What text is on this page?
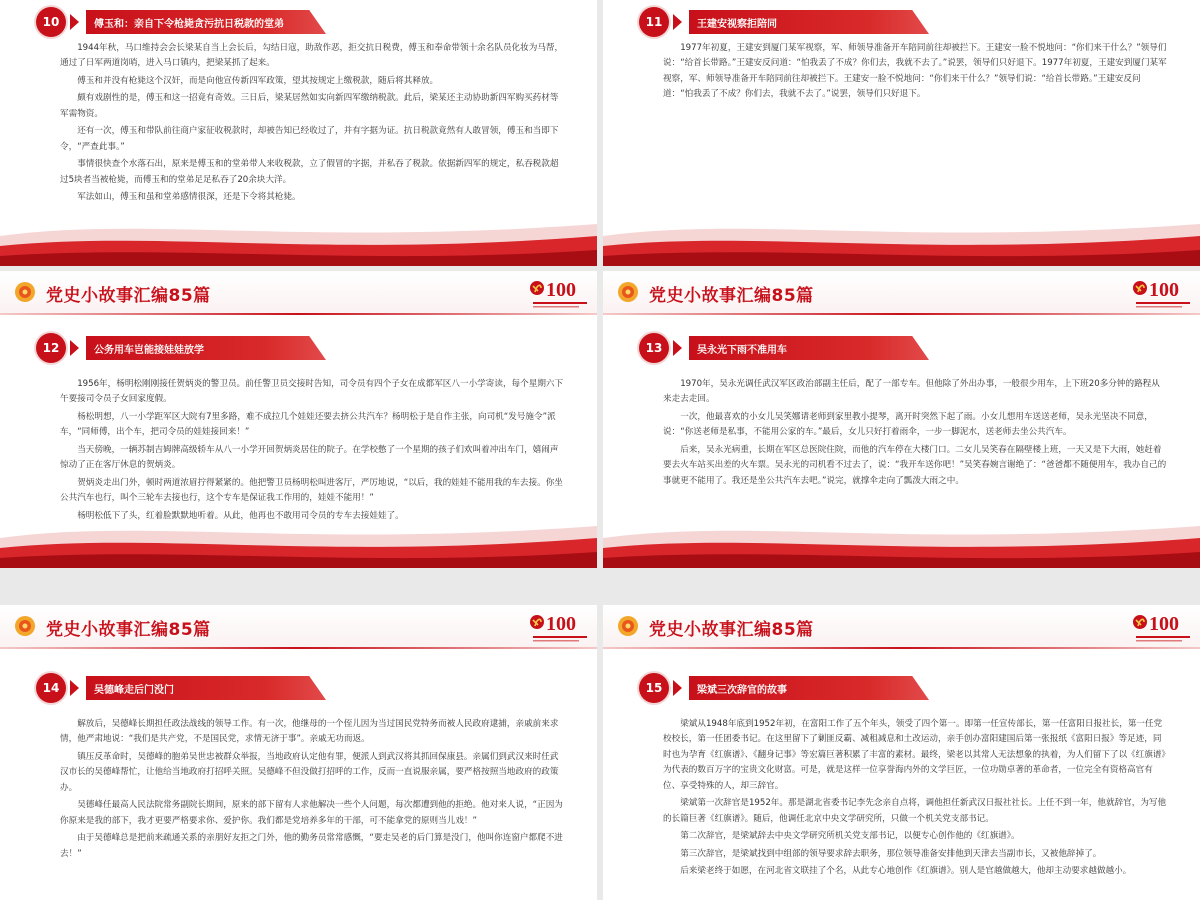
10	傅玉和：亲自下令枪毙贪污抗日税款的堂弟

1944年秋，马口维持会会长梁某自当上会长后，勾结日寇，助敌作恶，拒交抗日税费，傅玉和奉命带领十余名队员化妆为马帮，通过了日军两道岗哨，进入马口镇内，把梁某抓了起来。

傅玉和并没有枪毙这个汉奸，而是向他宣传新四军政策，望其按规定上缴税款，随后将其释放。

颇有戏剧性的是，傅玉和这一招竟有奇效。三日后，梁某居然如实向新四军缴纳税款。此后，梁某还主动协助新四军购买药材等军需物资。

还有一次，傅玉和带队前往商户家征收税款时，却被告知已经收过了，并有字据为证。抗日税款竟然有人敢冒领，傅玉和当即下令，“严查此事。”

事情很快查个水落石出，原来是傅玉和的堂弟带人来收税款，立了假冒的字据，并私吞了税款。依据新四军的规定，私吞税款超过5块者当被枪毙，而傅玉和的堂弟足足私吞了20余块大洋。

军法如山，傅玉和虽和堂弟感情很深，还是下令将其枪毙。

11	王建安视察拒陪同

1977年初夏，王建安到厦门某军视察，军、师领导准备开车陪同前往却被拦下。王建安一脸不悦地问：“你们来干什么？”领导们说：“给首长带路。”王建安反问道：“怕我丢了不成？你们去，我就不去了。”说罢，领导们只好退下。1977年初夏，王建安到厦门某军视察，军、师领导准备开车陪同前往却被拦下。王建安一脸不悦地问：“你们来干什么？”领导们说：“给首长带路。”王建安反问道：“怕我丢了不成？你们去，我就不去了。”说罢，领导们只好退下。

党史小故事汇编85篇	100
12	公务用车岂能接娃娃放学

1956年，杨明松刚刚接任贺炳炎的警卫员。前任警卫员交接时告知，司令员有四个子女在成都军区八一小学寄读，每个星期六下午要接司令员子女回家度假。

杨松明想，八一小学距军区大院有7里多路，难不成拉几个娃娃还要去挤公共汽车？杨明松于是自作主张，向司机“发号施令”派车，“同师傅，出个车，把司令员的娃娃接回来！”

当天傍晚，一辆苏制吉姆牌高级轿车从八一小学开回贺炳炎居住的院子。在学校憋了一个星期的孩子们欢叫着冲出车门，嬉闹声惊动了正在客厅休息的贺炳炎。

贺炳炎走出门外，顿时两道浓眉拧得紧紧的。他把警卫员杨明松叫进客厅，严厉地说，“以后，我的娃娃不能用我的车去接。你坐公共汽车也行，叫个三轮车去接也行，这个专车是保证我工作用的，娃娃不能用！”

杨明松低下了头，红着脸默默地听着。从此，他再也不敢用司令员的专车去接娃娃了。

党史小故事汇编85篇	100
13	吴永光下雨不准用车

1970年，吴永光调任武汉军区政治部副主任后，配了一部专车。但他除了外出办事，一般很少用车，上下班20多分钟的路程从来走去走回。

一次，他最喜欢的小女儿吴笑娜请老师到家里教小提琴，离开时突然下起了雨。小女儿想用车送送老师，吴永光坚决不同意，说：“你送老师是私事，不能用公家的车。”最后，女儿只好打着雨伞，一步一脚泥水，送老师去坐公共汽车。

后来，吴永光病重，长期在军区总医院住院，而他的汽车停在大楼门口。二女儿吴笑春在隔壁楼上班，一天又是下大雨，她赶着要去火车站买出差的火车票。吴永光的司机看不过去了，说：“我开车送你吧！”吴笑春婉言谢绝了：“爸爸都不随便用车，我办自己的事就更不能用了。我还是坐公共汽车去吧。”说完，就撑伞走向了瓢泼大雨之中。

党史小故事汇编85篇	100
14	吴德峰走后门没门

解放后，吴德峰长期担任政法战线的领导工作。有一次，他继母的一个侄儿因为当过国民党特务而被人民政府逮捕，亲戚前来求情，他严肃地说：“我们是共产党，不是国民党，求情无济于事”。亲戚无功而返。

镇压反革命时，吴德峰的胞弟吴世忠被群众举报，当地政府认定他有罪，便派人到武汉将其抓回保康县。亲属们到武汉来时任武汉市长的吴德峰帮忙，让他给当地政府打招呼关照。吴德峰不但没做打招呼的工作，反而一直说服亲属，要严格按照当地政府的政策办。

吴德峰任最高人民法院常务副院长期间，原来的部下留有人求他解决一些个人问题，每次都遭到他的拒绝。他对来人说，“正因为你原来是我的部下，我才更要严格要求你、爱护你。我们都是党培养多年的干部，可不能拿党的原则当儿戏！”

由于吴德峰总是把前来疏通关系的亲朋好友拒之门外，他的勤务员常常感慨，“要走吴老的后门算是没门，他叫你连窗户都爬不进去！”

党史小故事汇编85篇	100
15	梁斌三次辞官的故事

梁斌从1948年底到1952年初，在富阳工作了五个年头，领受了四个第一。即第一任宣传部长，第一任富阳日报社长，第一任党校校长，第一任团委书记。在这里留下了剿匪反霸、减租减息和土改运动，亲手创办富阳建国后第一张报纸《富阳日报》等足迹，同时也为孕育《红旗谱》、《翻身记事》等宏篇巨著积累了丰富的素材。最终，梁老以其常人无法想象的执着，为人们留下了以《红旗谱》为代表的数百万字的宝贵文化财富。可是，就是这样一位享誉海内外的文学巨匠，一位功勋卓著的革命者，一位完全有资格高官有位、享受特殊的人，却三辞官。

梁斌第一次辞官是1952年。那是湖北省委书记李先念亲自点将，调他担任新武汉日报社社长。上任不到一年，他就辞官，为写他的长篇巨著《红旗谱》。随后，他调任北京中央文学研究所，只做一个机关党支部书记。

第二次辞官，是梁斌辞去中央文学研究所机关党支部书记，以便专心创作他的《红旗谱》。

第三次辞官，是梁斌找到中组部的领导要求辞去职务，那位领导准备安排他到天津去当副市长，又被他辞掉了。

后来梁老终于如愿，在河北省文联挂了个名，从此专心地创作《红旗谱》。别人是官越做越大，他却主动要求越做越小。
